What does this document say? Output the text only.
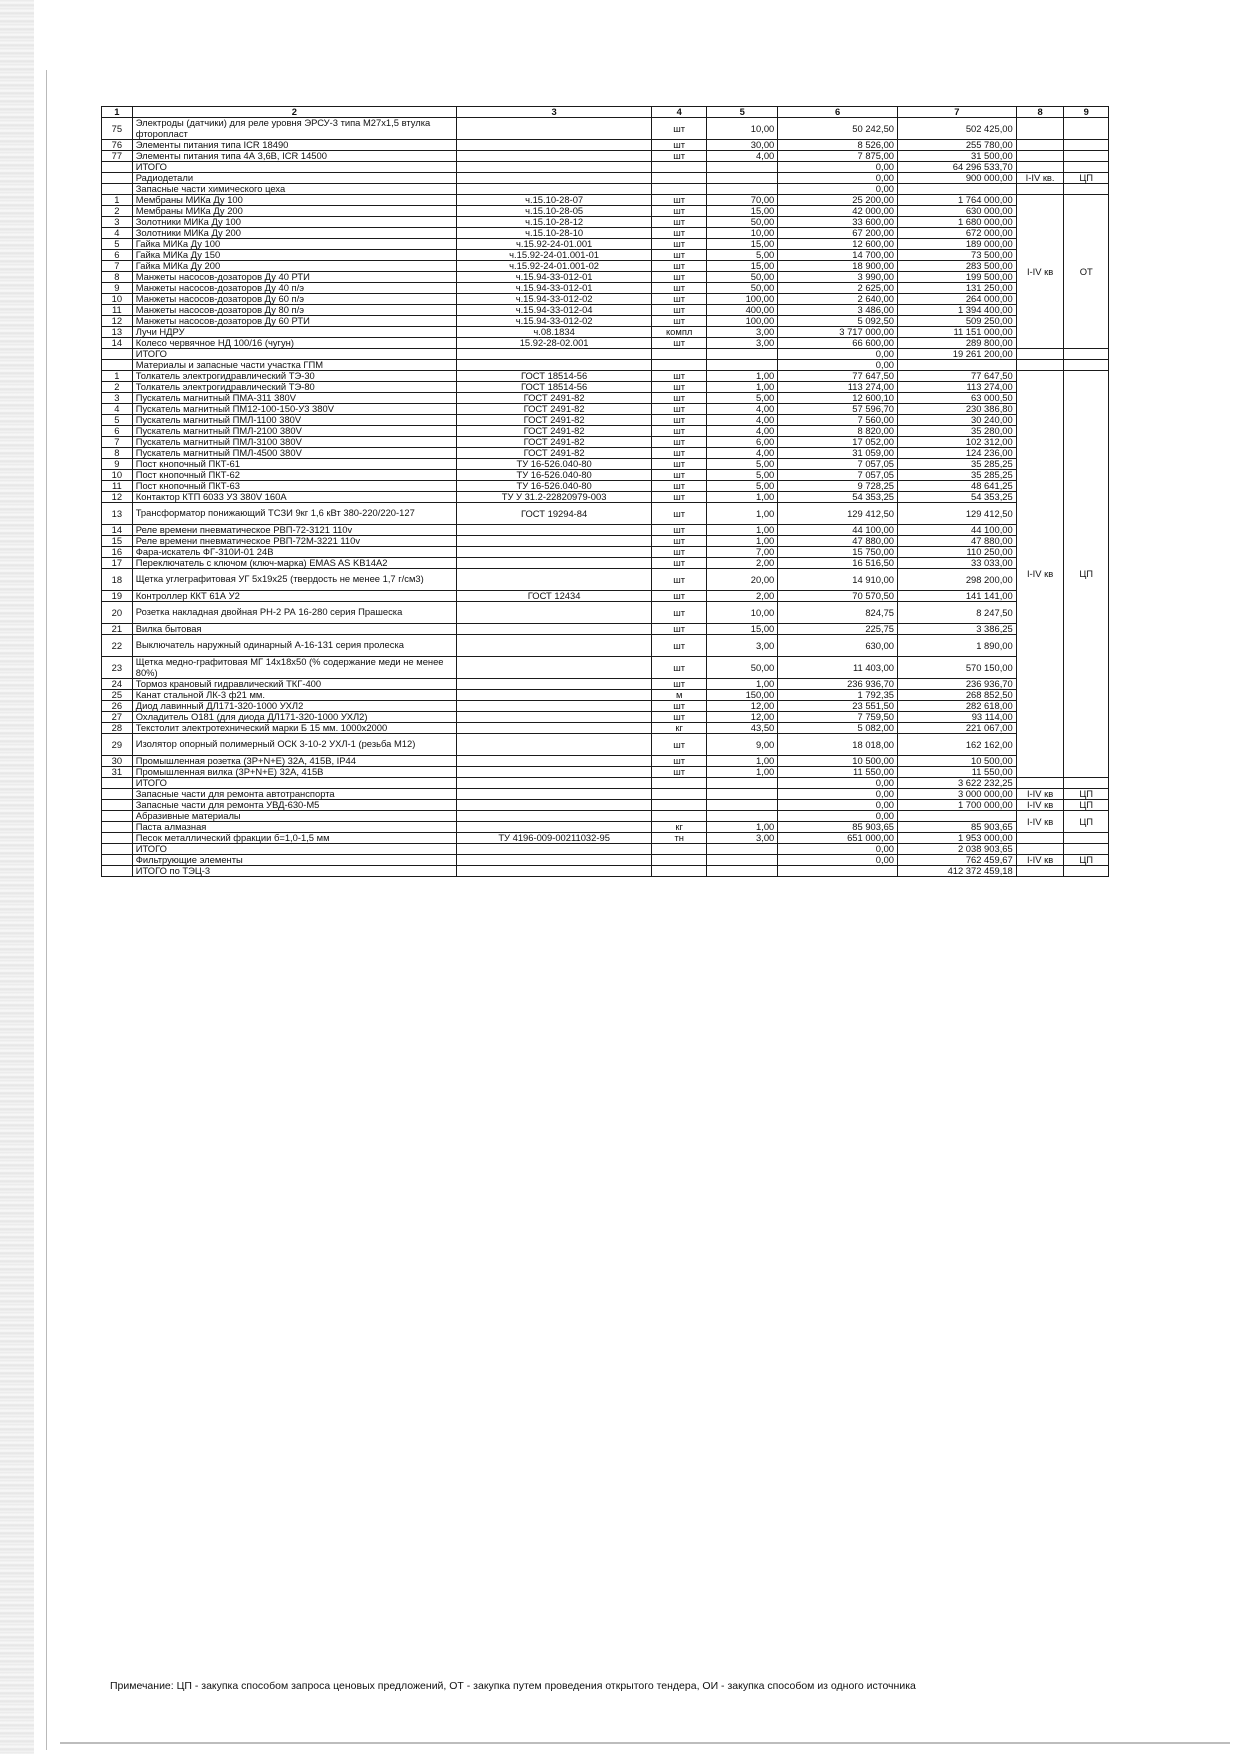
1	2	3	4	5	6	7	8	9
75	Электроды (датчики) для реле уровня ЭРСУ-3 типа М27х1,5 втулка фторопласт		шт	10,00	50 242,50	502 425,00		
76	Элементы питания типа ICR 18490		шт	30,00	8 526,00	255 780,00		
77	Элементы питания типа 4А 3,6В, ICR 14500		шт	4,00	7 875,00	31 500,00		
	ИТОГО				0,00	64 296 533,70		
	Радиодетали				0,00	900 000,00	I-IV кв.	ЦП
	Запасные части химического цеха				0,00			
1	Мембраны МИКа Ду 100	ч.15.10-28-07	шт	70,00	25 200,00	1 764 000,00	I-IV кв	ОТ
2	Мембраны МИКа Ду 200	ч.15.10-28-05	шт	15,00	42 000,00	630 000,00		
3	Золотники МИКа Ду 100	ч.15.10-28-12	шт	50,00	33 600,00	1 680 000,00		
4	Золотники МИКа Ду 200	ч.15.10-28-10	шт	10,00	67 200,00	672 000,00		
5	Гайка МИКа Ду 100	ч.15.92-24-01.001	шт	15,00	12 600,00	189 000,00		
6	Гайка МИКа Ду 150	ч.15.92-24-01.001-01	шт	5,00	14 700,00	73 500,00		
7	Гайка МИКа Ду 200	ч.15.92-24-01.001-02	шт	15,00	18 900,00	283 500,00		
8	Манжеты насосов-дозаторов Ду 40 РТИ	ч.15.94-33-012-01	шт	50,00	3 990,00	199 500,00		
9	Манжеты насосов-дозаторов Ду 40 п/э	ч.15.94-33-012-01	шт	50,00	2 625,00	131 250,00		
10	Манжеты насосов-дозаторов Ду 60 п/э	ч.15.94-33-012-02	шт	100,00	2 640,00	264 000,00		
11	Манжеты насосов-дозаторов Ду 80 п/э	ч.15.94-33-012-04	шт	400,00	3 486,00	1 394 400,00		
12	Манжеты насосов-дозаторов Ду 60 РТИ	ч.15.94-33-012-02	шт	100,00	5 092,50	509 250,00		
13	Лучи НДРУ	ч.08.1834	компл	3,00	3 717 000,00	11 151 000,00		
14	Колесо червячное НД 100/16 (чугун)	15.92-28-02.001	шт	3,00	66 600,00	289 800,00		
	ИТОГО				0,00	19 261 200,00		
	Материалы и запасные части участка ГПМ				0,00			
1	Толкатель электрогидравлический ТЭ-30	ГОСТ 18514-56	шт	1,00	77 647,50	77 647,50	I-IV кв	ЦП
2	Толкатель электрогидравлический ТЭ-80	ГОСТ 18514-56	шт	1,00	113 274,00	113 274,00		
3	Пускатель магнитный ПМА-311 380V	ГОСТ 2491-82	шт	5,00	12 600,10	63 000,50		
4	Пускатель магнитный ПМ12-100-150-У3 380V	ГОСТ 2491-82	шт	4,00	57 596,70	230 386,80		
5	Пускатель магнитный ПМЛ-1100 380V	ГОСТ 2491-82	шт	4,00	7 560,00	30 240,00		
6	Пускатель магнитный ПМЛ-2100 380V	ГОСТ 2491-82	шт	4,00	8 820,00	35 280,00		
7	Пускатель магнитный ПМЛ-3100 380V	ГОСТ 2491-82	шт	6,00	17 052,00	102 312,00		
8	Пускатель магнитный ПМЛ-4500 380V	ГОСТ 2491-82	шт	4,00	31 059,00	124 236,00		
9	Пост кнопочный ПКТ-61	ТУ 16-526.040-80	шт	5,00	7 057,05	35 285,25		
10	Пост кнопочный ПКТ-62	ТУ 16-526.040-80	шт	5,00	7 057,05	35 285,25		
11	Пост кнопочный ПКТ-63	ТУ 16-526.040-80	шт	5,00	9 728,25	48 641,25		
12	Контактор КТП 6033 У3 380V 160А	ТУ У 31.2-22820979-003	шт	1,00	54 353,25	54 353,25		
13	Трансформатор понижающий ТСЗИ 9кг 1,6 кВт 380-220/220-127	ГОСТ 19294-84	шт	1,00	129 412,50	129 412,50		
14	Реле времени пневматическое РВП-72-3121 110v		шт	1,00	44 100,00	44 100,00		
15	Реле времени пневматическое РВП-72М-3221 110v		шт	1,00	47 880,00	47 880,00		
16	Фара-искатель ФГ-310И-01 24В		шт	7,00	15 750,00	110 250,00		
17	Переключатель с ключом (ключ-марка) EMAS AS KB14А2		шт	2,00	16 516,50	33 033,00		
18	Щетка углеграфитовая УГ 5х19х25 (твердость не менее 1,7 г/см3)		шт	20,00	14 910,00	298 200,00		
19	Контроллер ККТ 61А У2	ГОСТ 12434	шт	2,00	70 570,50	141 141,00		
20	Розетка накладная двойная РН-2 РА 16-280 серия Прашеска		шт	10,00	824,75	8 247,50		
21	Вилка бытовая		шт	15,00	225,75	3 386,25		
22	Выключатель наружный одинарный А-16-131 серия пролеска		шт	3,00	630,00	1 890,00		
23	Щетка медно-графитовая МГ 14х18х50 (% содержание меди не менее 80%)		шт	50,00	11 403,00	570 150,00		
24	Тормоз крановый гидравлический ТКГ-400		шт	1,00	236 936,70	236 936,70		
25	Канат стальной ЛК-3 ф21 мм.		м	150,00	1 792,35	268 852,50		
26	Диод лавинный ДЛ171-320-1000 УХЛ2		шт	12,00	23 551,50	282 618,00		
27	Охладитель О181 (для диода ДЛ171-320-1000 УХЛ2)		шт	12,00	7 759,50	93 114,00		
28	Текстолит электротехнический марки Б 15 мм. 1000х2000		кг	43,50	5 082,00	221 067,00		
29	Изолятор опорный полимерный ОСК 3-10-2 УХЛ-1 (резьба М12)		шт	9,00	18 018,00	162 162,00		
30	Промышленная розетка (3P+N+E) 32А, 415В, IP44		шт	1,00	10 500,00	10 500,00		
31	Промышленная вилка (3P+N+E) 32А, 415В		шт	1,00	11 550,00	11 550,00		
	ИТОГО				0,00	3 622 232,25		
	Запасные части для ремонта автотранспорта				0,00	3 000 000,00	I-IV кв	ЦП
	Запасные части для ремонта УВД-630-М5				0,00	1 700 000,00	I-IV кв	ЦП
	Абразивные материалы				0,00		I-IV кв	ЦП
	Паста алмазная		кг	1,00	85 903,65	85 903,65		
	Песок металлический фракции б=1,0-1,5 мм	ТУ 4196-009-00211032-95	тн	3,00	651 000,00	1 953 000,00		
	ИТОГО				0,00	2 038 903,65		
	Фильтрующие элементы				0,00	762 459,67	I-IV кв	ЦП
	ИТОГО по ТЭЦ-3					412 372 459,18		
Примечание: ЦП - закупка способом запроса ценовых предложений, ОТ - закупка путем проведения открытого тендера, ОИ - закупка способом из одного источника
